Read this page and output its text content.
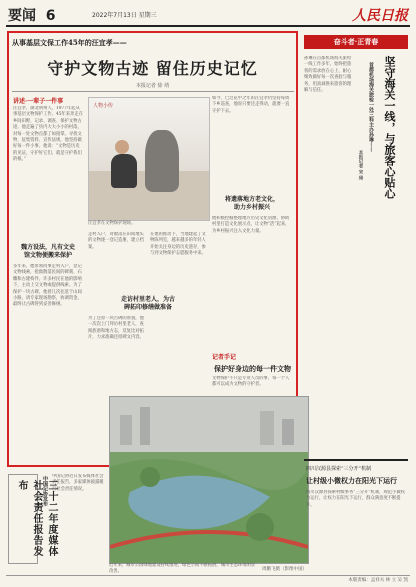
要闻 6	2022年7月13日 星期三	人民日报
从事基层文保工作45年的汪宜孝——
守护文物古迹 留住历史记忆
本报记者 徐 靖
讲述·一辈子一件事
汪宜孝，湖北荆州人，1977年起从事基层文物保护工作，45年来奔走在乡间田野，记录、调查、保护文物古迹。他走遍了县内大大小小的村落，对每一处文物点都了如指掌。寻找文物、征集资料、宣传法规，他坚持做好每一件小事。他说：“文物是历史的见证，守护好它们，就是守护我们的根。”
魏方设法，凡有文史
馆文物便搬来保护
多年来，他带领同事走村入户，登记文物线索，抢救散落民间的碑刻、石雕和古建构件。许多村民在他的影响下，主动上交文物或提供线索。为了保护一块古碑，他曾几次往返于山间小路，请专家现场勘察，协调资金，最终让古碑得到妥善修缮。
人物小传
汪宜孝在文物保护现场。
走村入户，对散落在田间地头的文物逐一登记造册，建立档案。
走访村里老人，为古
碑拓印修缮做准备
为了还原一块古碑的原貌，他一次次上门拜访村里老人，查阅族谱和地方志，反复比对拓片，力求准确还原碑文内容。
在他的推动下，当地建起了文物陈列室，越来越多的年轻人开始关注身边的历史遗存，参与到文物保护志愿服务中来。
如今，已过花甲之年的汪宜孝仍坚持每周下乡巡查，他说只要还走得动，就要一直守护下去。
将遗落地方老文化，
助力乡村振兴
他积极挖掘整理地方历史文化资源，协助村里打造文化展示点，让文物“活”起来，为乡村振兴注入文化力量。
记者手记
保护好身边的每一件文物
文物保护不只是专业人员的事，每一个人都可以成为文物的守护者。
奋斗者·正青春
坚守海关一线，与旅客心贴心
首都机场海关旅检一处三科主办孙琳——
本报记者 宋 琦
孙琳在首都机场海关旅检一线工作多年，始终把旅客的需求放在心上，耐心细致做好每一次查验与服务，用真诚换来旅客的理解与信任。
三十二年度媒体社会责任报告发布	中国记协发布 中国记协近日发布媒体社会责任报告，多家媒体披露履行社会责任情况。
近年来，城市公园绿地建设持续推进，绿色空间不断拓展，城市生态环境明显改善。	周鹏飞摄（影像中国）
四川汉源县探索“三分开”机制
让村级小微权力在阳光下运行
四川汉源县探索村级事务“三分开”机制，规范小微权力运行，让权力在阳光下运行，群众满意度不断提升。
本版责编：孟祥夫 林 立 吴 凯
